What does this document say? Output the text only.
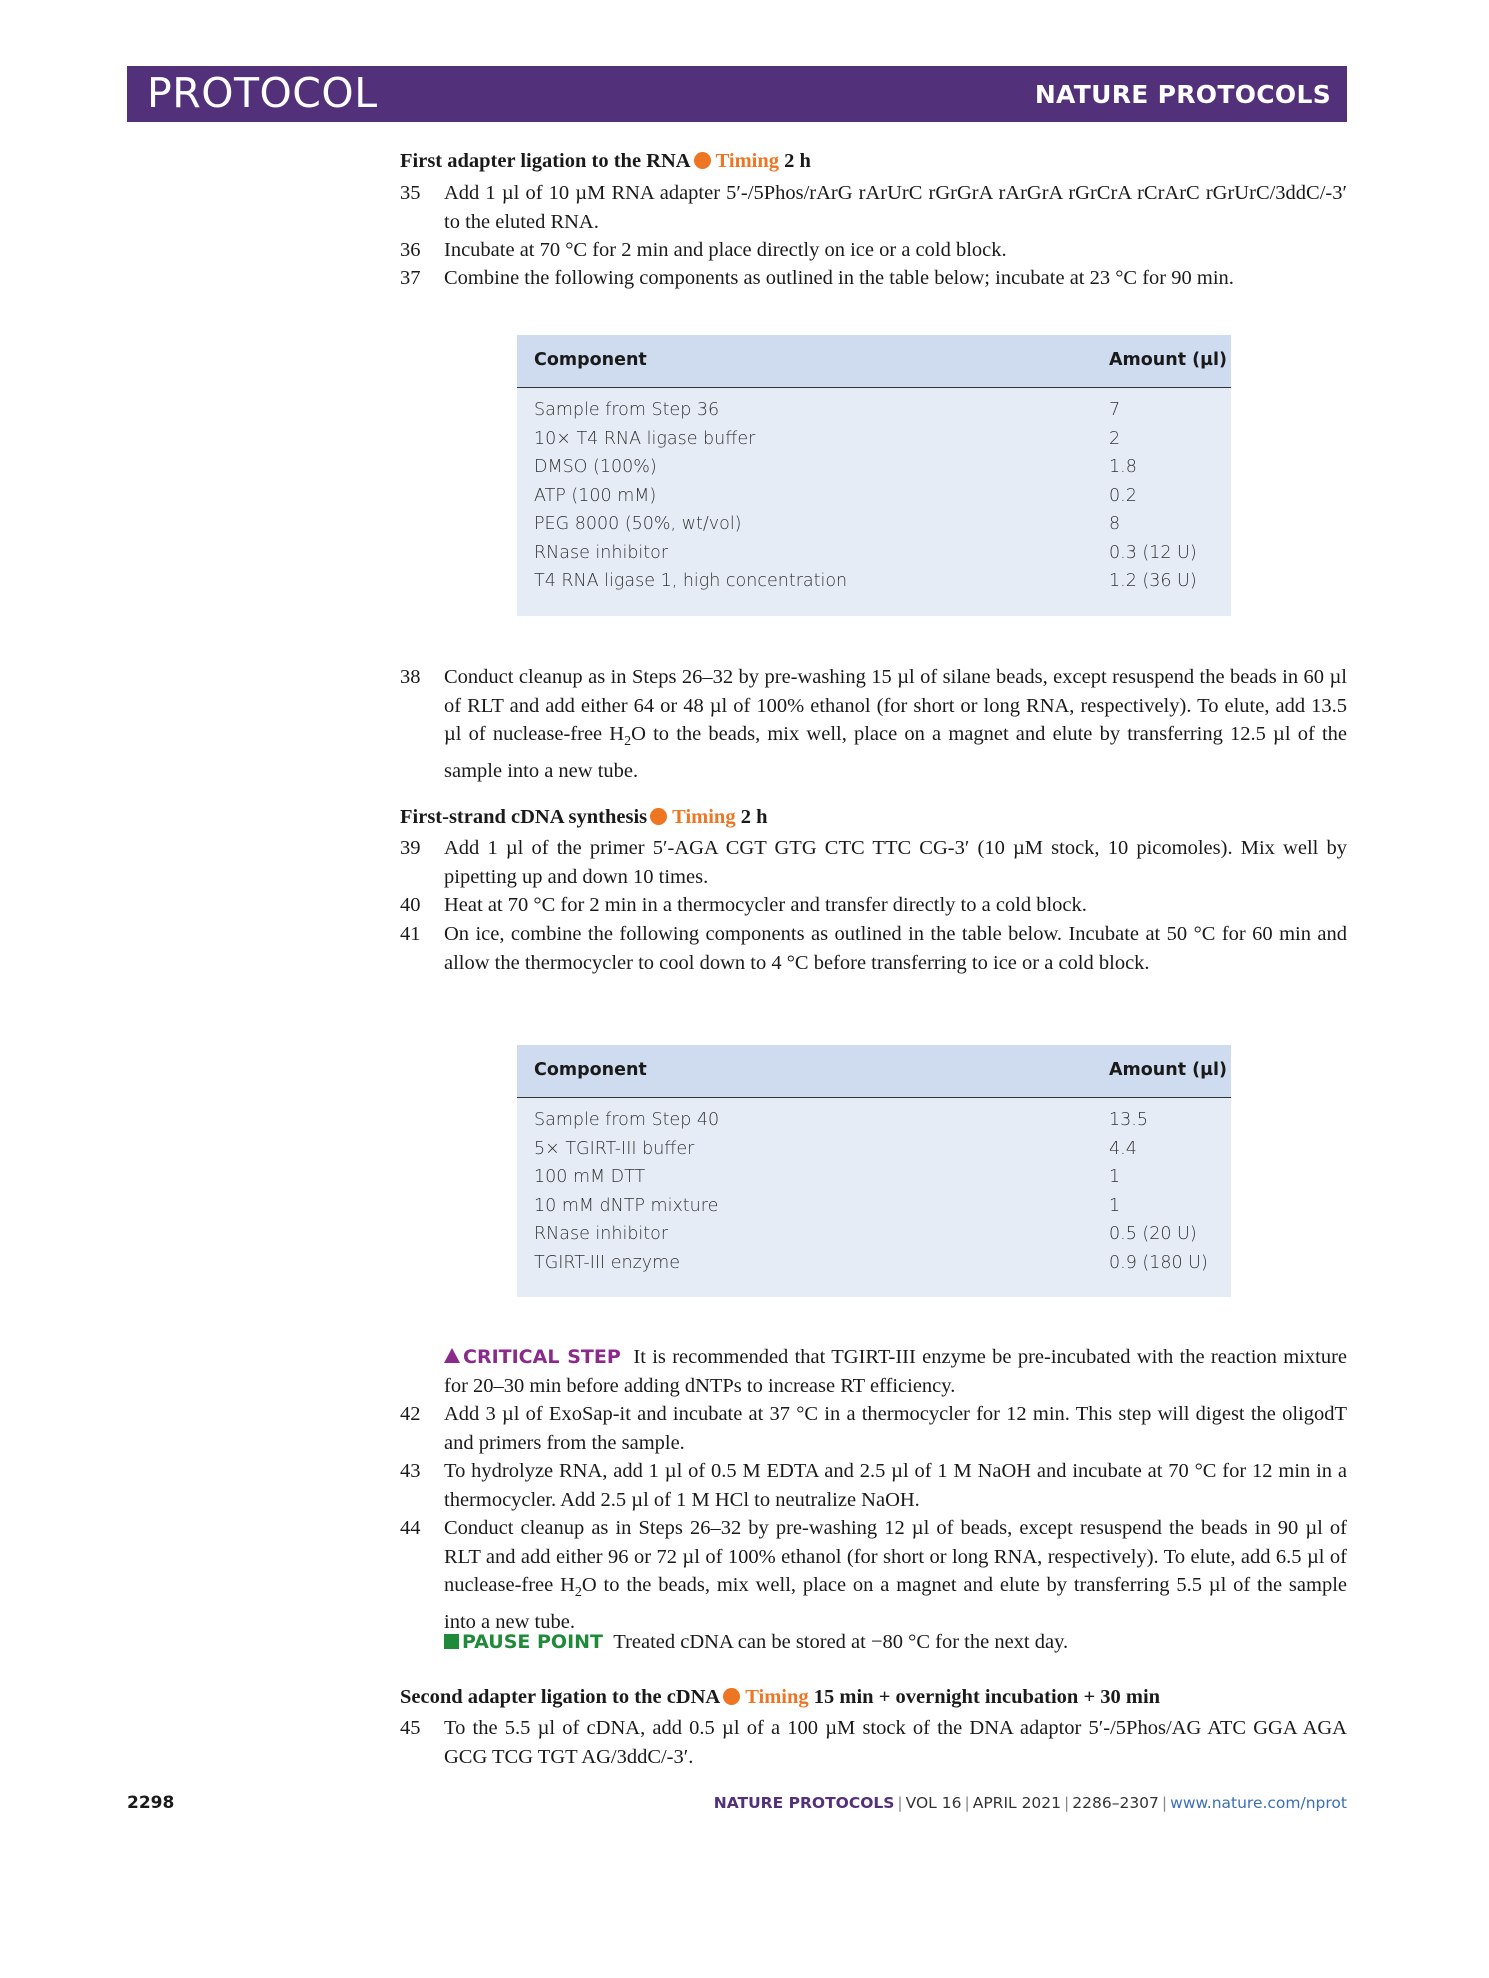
PROTOCOL	NATURE PROTOCOLS
First adapter ligation to the RNA Timing 2 h
35	Add 1 µl of 10 µM RNA adapter 5′-/5Phos/rArG rArUrC rGrGrA rArGrA rGrCrA rCrArC rGrUrC/3ddC/-3′ to the eluted RNA.
36	Incubate at 70 °C for 2 min and place directly on ice or a cold block.
37	Combine the following components as outlined in the table below; incubate at 23 °C for 90 min.
Component	Amount (µl)
Sample from Step 36	7
10× T4 RNA ligase buffer	2
DMSO (100%)	1.8
ATP (100 mM)	0.2
PEG 8000 (50%, wt/vol)	8
RNase inhibitor	0.3 (12 U)
T4 RNA ligase 1, high concentration	1.2 (36 U)
38	Conduct cleanup as in Steps 26–32 by pre-washing 15 µl of silane beads, except resuspend the beads in 60 µl of RLT and add either 64 or 48 µl of 100% ethanol (for short or long RNA, respectively). To elute, add 13.5 µl of nuclease-free $H_2O$ to the beads, mix well, place on a magnet and elute by transferring 12.5 µl of the sample into a new tube.
First-strand cDNA synthesis Timing 2 h
39	Add 1 µl of the primer 5′-AGA CGT GTG CTC TTC CG-3′ (10 µM stock, 10 picomoles). Mix well by pipetting up and down 10 times.
40	Heat at 70 °C for 2 min in a thermocycler and transfer directly to a cold block.
41	On ice, combine the following components as outlined in the table below. Incubate at 50 °C for 60 min and allow the thermocycler to cool down to 4 °C before transferring to ice or a cold block.
Component	Amount (µl)
Sample from Step 40	13.5
5× TGIRT-III buffer	4.4
100 mM DTT	1
10 mM dNTP mixture	1
RNase inhibitor	0.5 (20 U)
TGIRT-III enzyme	0.9 (180 U)
CRITICAL STEP It is recommended that TGIRT-III enzyme be pre-incubated with the reaction mixture for 20–30 min before adding dNTPs to increase RT efficiency.
42	Add 3 µl of ExoSap-it and incubate at 37 °C in a thermocycler for 12 min. This step will digest the oligodT and primers from the sample.
43	To hydrolyze RNA, add 1 µl of 0.5 M EDTA and 2.5 µl of 1 M NaOH and incubate at 70 °C for 12 min in a thermocycler. Add 2.5 µl of 1 M HCl to neutralize NaOH.
44	Conduct cleanup as in Steps 26–32 by pre-washing 12 µl of beads, except resuspend the beads in 90 µl of RLT and add either 96 or 72 µl of 100% ethanol (for short or long RNA, respectively). To elute, add 6.5 µl of nuclease-free $H_2O$ to the beads, mix well, place on a magnet and elute by transferring 5.5 µl of the sample into a new tube.
PAUSE POINT Treated cDNA can be stored at −80 °C for the next day.
Second adapter ligation to the cDNA Timing 15 min + overnight incubation + 30 min
45	To the 5.5 µl of cDNA, add 0.5 µl of a 100 µM stock of the DNA adaptor 5′-/5Phos/AG ATC GGA AGA GCG TCG TGT AG/3ddC/-3′.
2298	NATURE PROTOCOLS | VOL 16 | APRIL 2021 | 2286–2307 | www.nature.com/nprot
